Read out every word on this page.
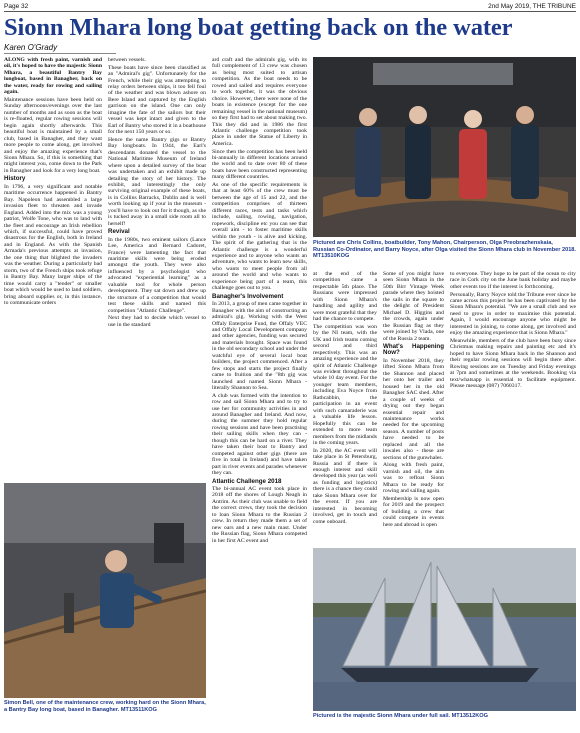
Page 32	2nd May 2019, THE TRIBUNE
Sionn Mhara long boat getting back on the water
Karen O'Grady

ALONG with fresh paint, varnish and oil, it's hoped to have the majestic Sionn Mhara, a beautiful Bantry Bay longboat, based in Banagher, back on the water, ready for rowing and sailing again.

Maintenance sessions have been held on Sunday afternoons/evenings over the last number of months and as soon as the boat is re-floated, regular rowing sessions will begin again shortly afterwards. This beautiful boat is maintained by a small club, based in Banagher, and they want more people to come along, get involved and enjoy the amazing experience that's Sionn Mhara. So, if this is something that might interest you, come down to the Park in Banagher and look for a very long boat.

History

In 1796, a very significant and notable maritime occurrence happened in Bantry Bay. Napoleon had assembled a large invasion fleet to threaten and invade England. Added into the mix was a young patriot, Wolfe Tone, who was to land with the fleet and encourage an Irish rebellion which, if successful, could have proved disastrous for the English, both in Ireland and in England. As with the Spanish Armada's previous attempts at invasion, the one thing that blighted the invaders was the weather. During a particularly bad storm, two of the French ships took refuge in Bantry Bay. Many larger ships of the time would carry a "tender" or smaller boat which would be used to land soldiers, bring aboard supplies or, in this instance, to communicate orders

between vessels.

These boats have since been classified as an "Admiral's gig". Unfortunately for the French, while their gig was attempting to relay orders between ships, it too fell foul of the weather and was blown ashore on Bere Island and captured by the English garrison on the island. One can only imagine the fate of the sailors but their vessel was kept intact and given to the Earl of Bantry who stored it in a boathouse for the next 150 years or so.

Hence the name Bantry gigs or Bantry Bay longboats. In 1944, the Earl's descendants donated the vessel to the National Maritime Museum of Ireland where upon a detailed survey of the boat was undertaken and an exhibit made up detailing the story of her history. The exhibit, and interestingly the only surviving original example of these boats, is in Collins Barracks, Dublin and is well worth looking up if your in the museum - you'll have to look out for it though, as she is tucked away in a small side room all to herself!

Revival

In the 1980s, two eminent sailors (Lance Lee, America and Bernard Cadoret, France) were lamenting the fact that maritime skills were being eroded amongst the youth. They were also influenced by a psychologist who advocated "experiential learning" as a valuable tool for whole person development. They sat down and drew up the structure of a competition that would test these skills and named this competition "Atlantic Challenge".

Next they had to decide which vessel to use in the standard

ard craft and the admirals gig, with its full complement of 13 crew was chosen as being most suited to artisan competition. As the boat needs to be rowed and sailed and requires everyone to work together, it was the obvious choice. However, there were none of the boats in existence (except for the one remaining vessel in the national museum) so they first had to set about making two. This they did and in 1986 the first Atlantic challenge competition took place in under the Statue of Liberty in America.

Since then the competition has been held bi-annually in different locations around the world and to date over 80 of these boats have been constructed representing many different countries.

As one of the specific requirements is that at least 60% of the crew must be between the age of 15 and 22, and the competition comprises of thirteen different races, tests and tasks which include, sailing, rowing, navigation, ropework, discipline etc you can see that overall aim - to foster maritime skills within the youth - is alive and kicking. The spirit of the gathering that is the Atlantic challenge is a wonderful experience and to anyone who wants an adventure, who wants to learn new skills, who wants to meet people from all around the world and who wants to experience being part of a team, this challenge goes out to you.

Banagher's Involvement

In 2013, a group of men came together in Banagher with the aim of constructing an admiral's gig. Working with the West Offaly Enterprise Fund, the Offaly VEC and Offaly Local Development company and other agencies, funding was secured and materials brought. Space was found in the old secondary school and under the watchful eye of several local boat builders, the project commenced. After a few stops and starts the project finally came to fruition and the "8th gig was launched and named Sionn Mhara - literally Shannon to Sea.

A club was formed with the intention to row and sail Sionn Mhara and to try to use her for community activities in and around Banagher and Ireland. And now, during the summer they hold regular rowing sessions and have been practising their sailing skills when they can - though this can be hard on a river. They have taken their boat to Bantry and competed against other gigs (there are five in total in Ireland) and have taken part in river events and parades whenever they can.

Atlantic Challenge 2018

The bi-annual AC event took place in 2018 off the shores of Lough Neagh in Antrim. As their club was unable to field the correct crews, they took the decision to loan Sionn Mhara to the Russian 2 crew. In return they made them a set of new oars and a new main mast. Under the Russian flag, Sionn Mhara competed in her first AC event and

Pictured are Chris Collins, boatbuilder, Tony Mahon, Chairperson, Olga Preobrazhenskaia, Russian Co-Ordinator, and Barry Noyce, after Olga visited the Sionn Mhara club in November 2018. MT13510KOG

at the end of the competition came a respectable 5th place. The Russians were impressed with Sionn Mhara's handling and agility and were most grateful that they had the chance to compete.

The competition was won by the NI team, with the UK and Irish teams coming second and third respectively. This was an amazing experience and the spirit of Atlantic Challenge was evident throughout the whole 10 day event. For the younger team members, including Eva Noyce from Rathcabbin, the participation in an event with such camaraderie was a valuable life lesson. Hopefully this can be extended to more team members from the midlands in the coming years.

In 2020, the AC event will take place in St Petersburg, Russia and if there is enough interest and skill developed this year (as well as funding and logistics) there is a chance they could take Sionn Mhara over for the event. If you are interested in becoming involved, get in touch and come onboard.

Some of you might have seen Sionn Mhara in the 50th Birr Vintage Week parade where they hoisted the sails in the square to the delight of President Michael D. Higgins and the crowds, again under the Russian flag as they were joined by Vlada, one of the Russia 2 team.

What's Happening Now?

In November 2018, they lifted Sionn Mhara from the Shannon and placed her onto her trailer and housed her in the old Banagher SAC shed. After a couple of weeks of drying out they began essential repair and maintenance works needed for the upcoming season. A number of posts have needed to be replaced and all the inwales also - these are sections of the gunwhales.

Along with fresh paint, varnish and oil, the aim was to refloat Sionn Mhara to be ready for rowing and sailing again.

Membership is now open for 2019 and the prospect of building a crew that could compete in events here and abroad is open

Simon Bell, one of the maintenance crew, working hard on the Sionn Mhara, a Bantry Bay long boat, based in Banagher. MT13511KOG
Pictured is the majestic Sionn Mhara under full sail. MT13512KOG

to everyone. They hope to be part of the ocean to city race in Cork city on the June bank holiday and maybe other events too if the interest is forthcoming.

Personally, Barry Noyce told the Tribune ever since he came across this project he has been captivated by the Sionn Mhara's potential. "We are a small club and we need to grow in order to maximise this potential. Again, I would encourage anyone who might be interested in joining, to come along, get involved and enjoy the amazing experience that is Sionn Mhara."

Meanwhile, members of the club have been busy since Christmas making repairs and painting etc and it's hoped to have Sionn Mhara back in the Shannon and their regular rowing sessions will begin there after. Rowing sessions are on Tuesday and Friday evenings at 7pm and sometimes at the weekends. Booking via text/whatsapp is essential to facilitate equipment. Please message (087) 7060317.
